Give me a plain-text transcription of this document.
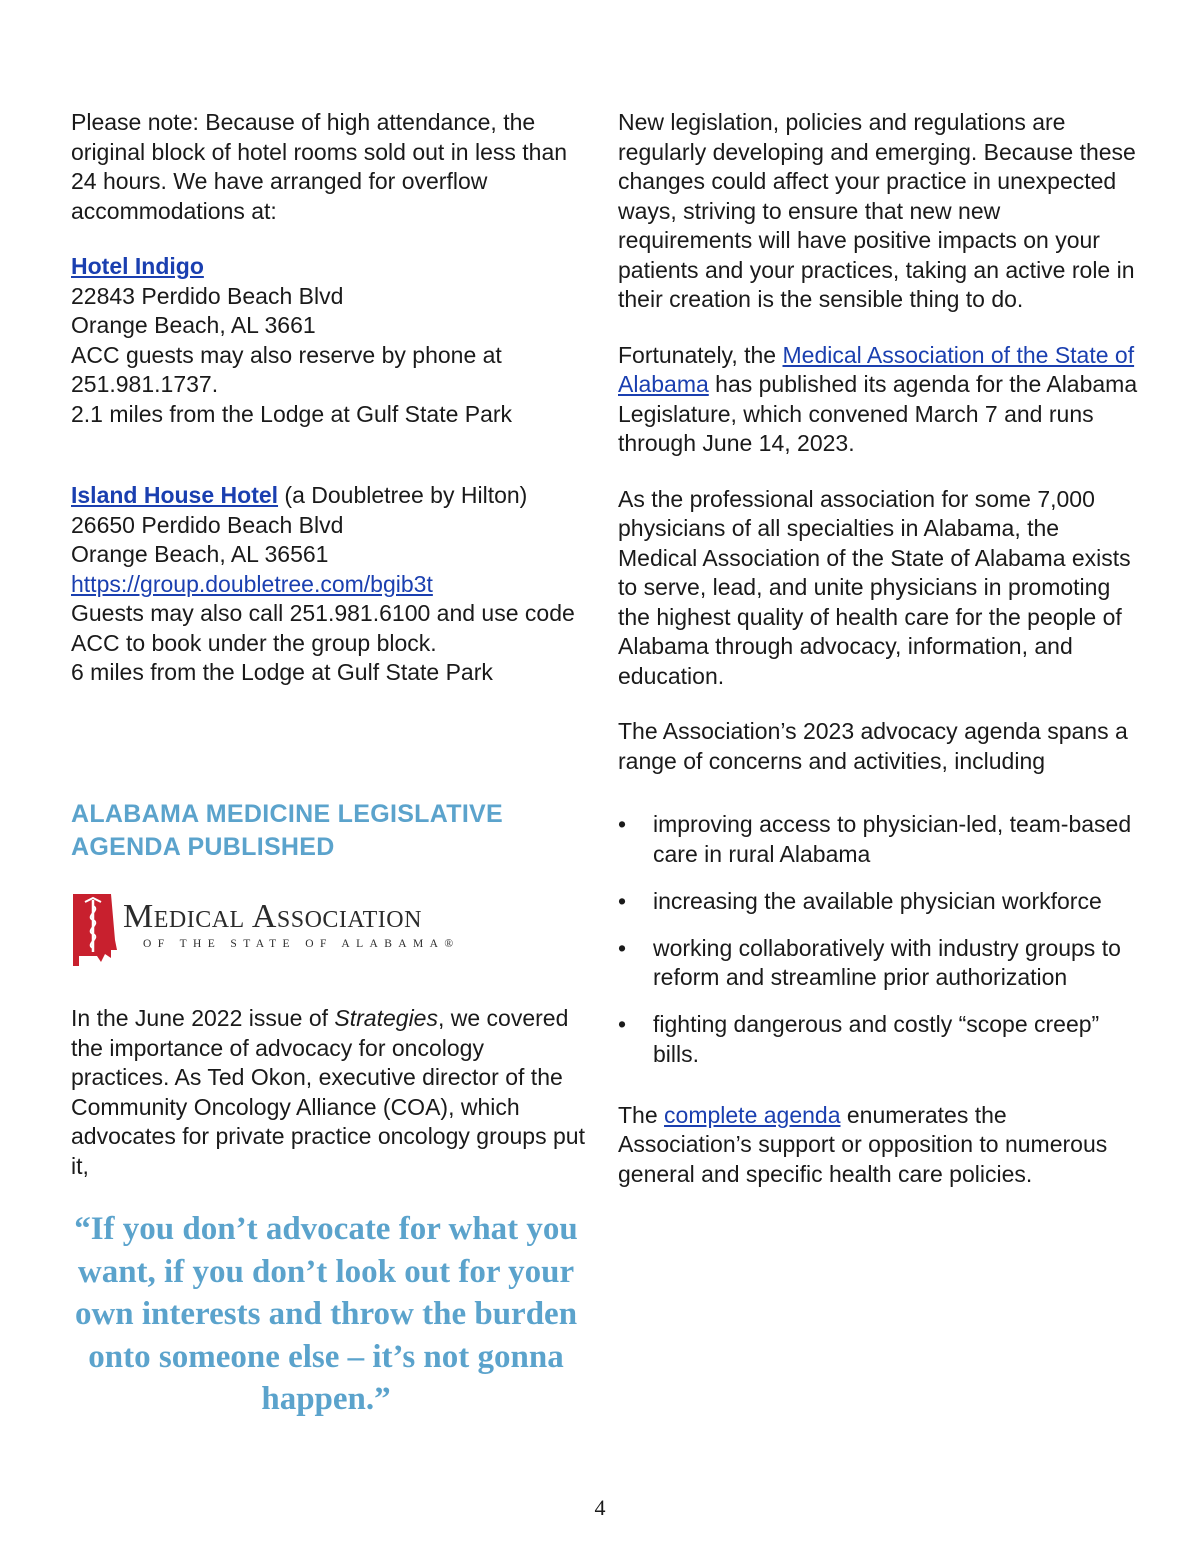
Please note: Because of high attendance, the original block of hotel rooms sold out in less than 24 hours. We have arranged for overflow accommodations at:

Hotel Indigo
22843 Perdido Beach Blvd
Orange Beach, AL 3661
ACC guests may also reserve by phone at 251.981.1737.
2.1 miles from the Lodge at Gulf State Park

Island House Hotel (a Doubletree by Hilton)
26650 Perdido Beach Blvd
Orange Beach, AL 36561
https://group.doubletree.com/bgib3t
Guests may also call 251.981.6100 and use code ACC to book under the group block.
6 miles from the Lodge at Gulf State Park

ALABAMA MEDICINE LEGISLATIVE AGENDA PUBLISHED
Medical Association
OF THE STATE OF ALABAMA®

In the June 2022 issue of Strategies, we covered the importance of advocacy for oncology practices. As Ted Okon, executive director of the Community Oncology Alliance (COA), which advocates for private practice oncology groups put it,

“If you don’t advocate for what you want, if you don’t look out for your own interests and throw the burden onto someone else – it’s not gonna happen.”

New legislation, policies and regulations are regularly developing and emerging. Because these changes could affect your practice in unexpected ways, striving to ensure that new new requirements will have positive impacts on your patients and your practices, taking an active role in their creation is the sensible thing to do.

Fortunately, the Medical Association of the State of Alabama has published its agenda for the Alabama Legislature, which convened March 7 and runs through June 14, 2023.

As the professional association for some 7,000 physicians of all specialties in Alabama, the Medical Association of the State of Alabama exists to serve, lead, and unite physicians in promoting the highest quality of health care for the people of Alabama through advocacy, information, and education.

The Association’s 2023 advocacy agenda spans a range of concerns and activities, including

• improving access to physician-led, team-based care in rural Alabama
• increasing the available physician workforce
• working collaboratively with industry groups to reform and streamline prior authorization
• fighting dangerous and costly “scope creep” bills.

The complete agenda enumerates the Association’s support or opposition to numerous general and specific health care policies.

4
